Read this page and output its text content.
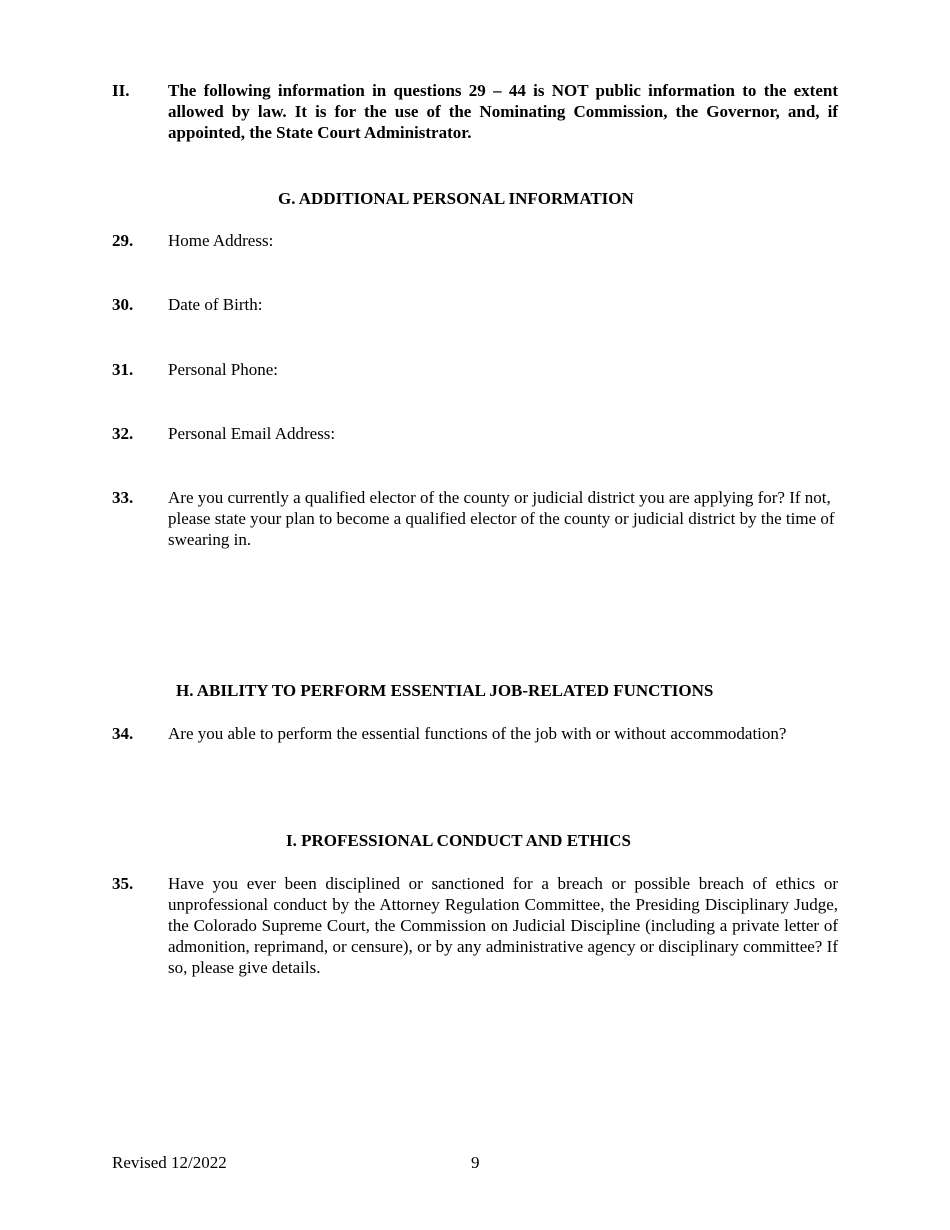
II. The following information in questions 29 – 44 is NOT public information to the extent allowed by law. It is for the use of the Nominating Commission, the Governor, and, if appointed, the State Court Administrator.
G. ADDITIONAL PERSONAL INFORMATION
29. Home Address:
30. Date of Birth:
31. Personal Phone:
32. Personal Email Address:
33. Are you currently a qualified elector of the county or judicial district you are applying for? If not, please state your plan to become a qualified elector of the county or judicial district by the time of swearing in.
H. ABILITY TO PERFORM ESSENTIAL JOB-RELATED FUNCTIONS
34. Are you able to perform the essential functions of the job with or without accommodation?
I. PROFESSIONAL CONDUCT AND ETHICS
35. Have you ever been disciplined or sanctioned for a breach or possible breach of ethics or unprofessional conduct by the Attorney Regulation Committee, the Presiding Disciplinary Judge, the Colorado Supreme Court, the Commission on Judicial Discipline (including a private letter of admonition, reprimand, or censure), or by any administrative agency or disciplinary committee? If so, please give details.
Revised 12/2022	9
